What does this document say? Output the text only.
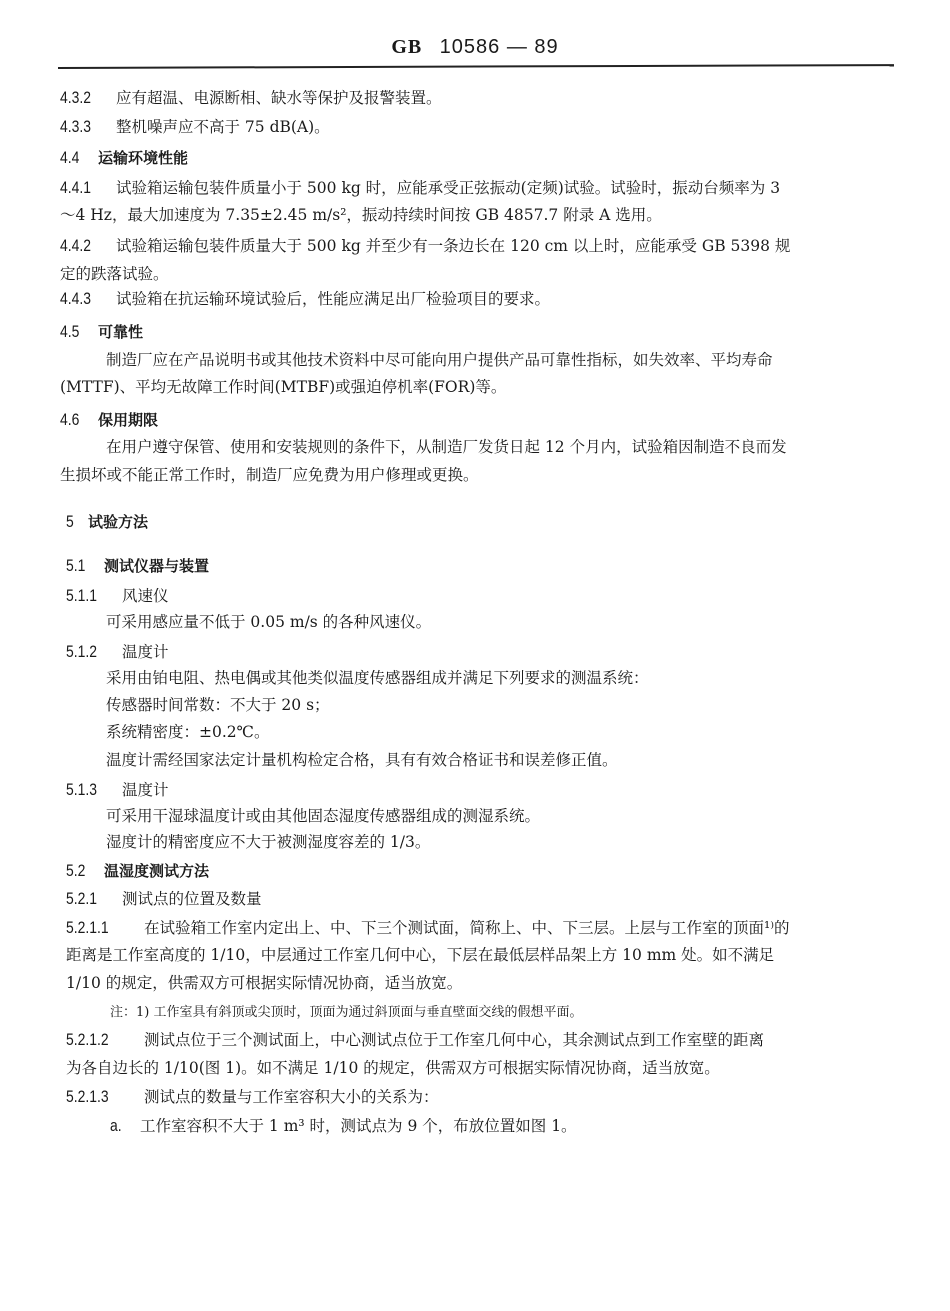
GB 10586 — 89
4.3.2 应有超温、电源断相、缺水等保护及报警装置。
4.3.3 整机噪声应不高于 75 dB(A)。
4.4 运输环境性能
4.4.1 试验箱运输包装件质量小于 500 kg 时，应能承受正弦振动(定频)试验。试验时，振动台频率为 3
～4 Hz，最大加速度为 7.35±2.45 m/s²，振动持续时间按 GB 4857.7 附录 A 选用。
4.4.2 试验箱运输包装件质量大于 500 kg 并至少有一条边长在 120 cm 以上时，应能承受 GB 5398 规
定的跌落试验。
4.4.3 试验箱在抗运输环境试验后，性能应满足出厂检验项目的要求。
4.5 可靠性
制造厂应在产品说明书或其他技术资料中尽可能向用户提供产品可靠性指标，如失效率、平均寿命
(MTTF)、平均无故障工作时间(MTBF)或强迫停机率(FOR)等。
4.6 保用期限
在用户遵守保管、使用和安装规则的条件下，从制造厂发货日起 12 个月内，试验箱因制造不良而发
生损坏或不能正常工作时，制造厂应免费为用户修理或更换。
5 试验方法
5.1 测试仪器与装置
5.1.1 风速仪
可采用感应量不低于 0.05 m/s 的各种风速仪。
5.1.2 温度计
采用由铂电阻、热电偶或其他类似温度传感器组成并满足下列要求的测温系统：
传感器时间常数：不大于 20 s；
系统精密度：±0.2℃。
温度计需经国家法定计量机构检定合格，具有有效合格证书和误差修正值。
5.1.3 温度计
可采用干湿球温度计或由其他固态湿度传感器组成的测湿系统。
湿度计的精密度应不大于被测湿度容差的 1/3。
5.2 温湿度测试方法
5.2.1 测试点的位置及数量
5.2.1.1 在试验箱工作室内定出上、中、下三个测试面，简称上、中、下三层。上层与工作室的顶面¹⁾的
距离是工作室高度的 1/10，中层通过工作室几何中心，下层在最低层样品架上方 10 mm 处。如不满足
1/10 的规定，供需双方可根据实际情况协商，适当放宽。
注：1) 工作室具有斜顶或尖顶时，顶面为通过斜顶面与垂直壁面交线的假想平面。
5.2.1.2 测试点位于三个测试面上，中心测试点位于工作室几何中心，其余测试点到工作室壁的距离
为各自边长的 1/10(图 1)。如不满足 1/10 的规定，供需双方可根据实际情况协商，适当放宽。
5.2.1.3 测试点的数量与工作室容积大小的关系为：
a. 工作室容积不大于 1 m³ 时，测试点为 9 个，布放位置如图 1。
